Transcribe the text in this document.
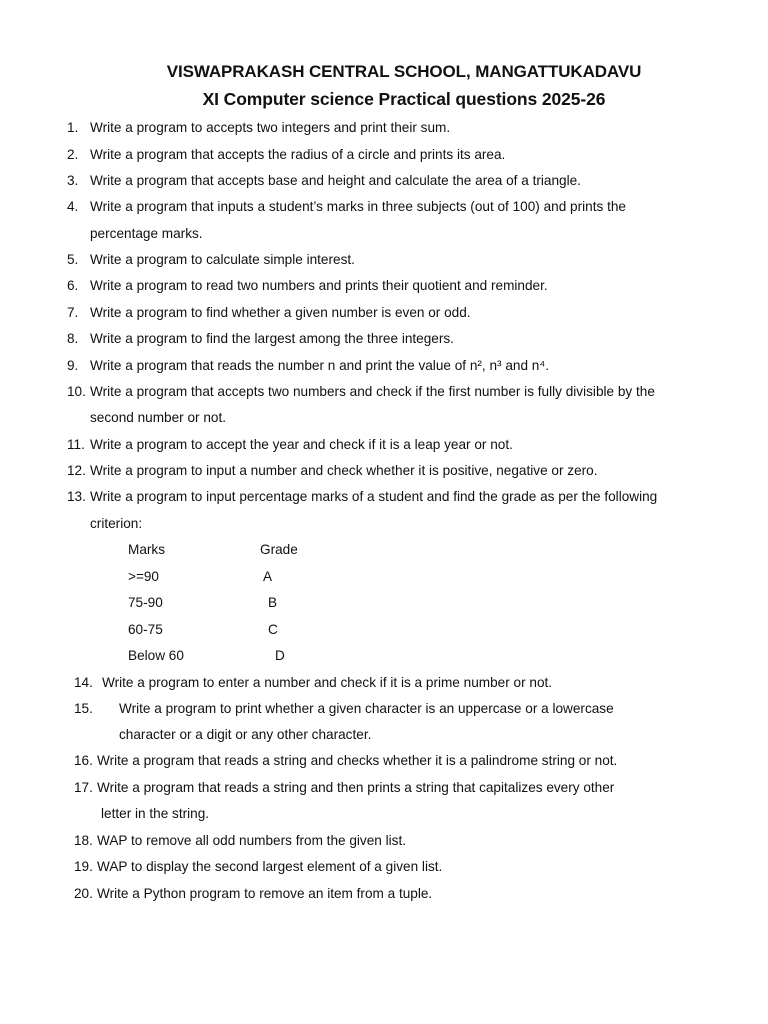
VISWAPRAKASH CENTRAL SCHOOL, MANGATTUKADAVU
XI Computer science Practical questions 2025-26
1. Write a program to accepts two integers and print their sum.
2. Write a program that accepts the radius of a circle and prints its area.
3. Write a program that accepts base and height and calculate the area of a triangle.
4. Write a program that inputs a student’s marks in three subjects (out of 100) and prints the
percentage marks.
5. Write a program to calculate simple interest.
6. Write a program to read two numbers and prints their quotient and reminder.
7. Write a program to find whether a given number is even or odd.
8. Write a program to find the largest among the three integers.
9. Write a program that reads the number n and print the value of n², n³ and n⁴.
10. Write a program that accepts two numbers and check if the first number is fully divisible by the
second number or not.
11. Write a program to accept the year and check if it is a leap year or not.
12. Write a program to input a number and check whether it is positive, negative or zero.
13. Write a program to input percentage marks of a student and find the grade as per the following
criterion:
Marks	Grade
>=90	A
75-90	B
60-75	C
Below 60	D
14. Write a program to enter a number and check if it is a prime number or not.
15. Write a program to print whether a given character is an uppercase or a lowercase
character or a digit or any other character.
16. Write a program that reads a string and checks whether it is a palindrome string or not.
17. Write a program that reads a string and then prints a string that capitalizes every other
letter in the string.
18. WAP to remove all odd numbers from the given list.
19. WAP to display the second largest element of a given list.
20. Write a Python program to remove an item from a tuple.
